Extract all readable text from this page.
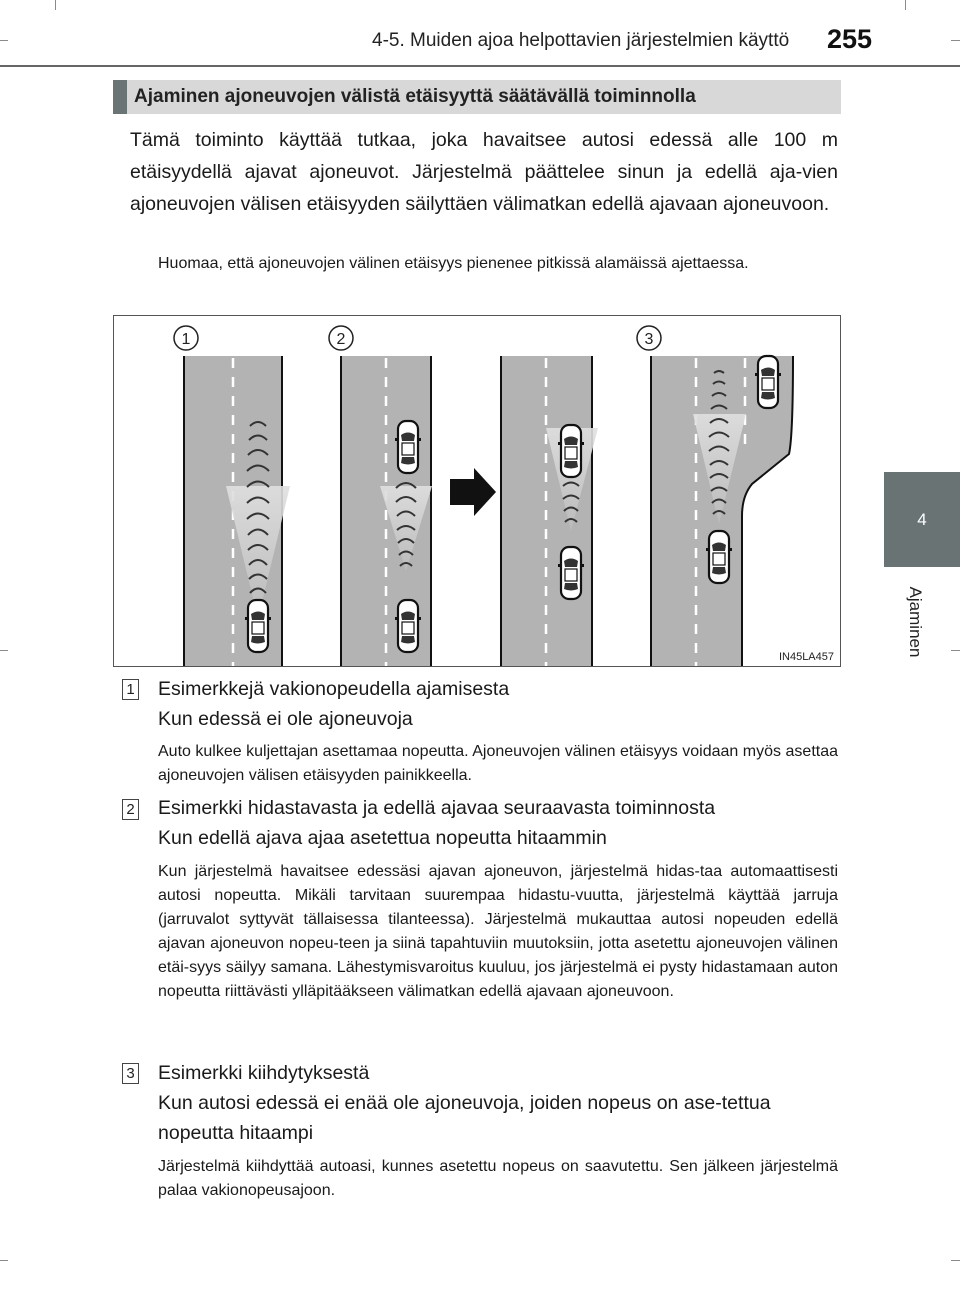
4-5. Muiden ajoa helpottavien järjestelmien käyttö 255
4
Ajaminen
Ajaminen ajoneuvojen välistä etäisyyttä säätävällä toiminnolla
Tämä toiminto käyttää tutkaa, joka havaitsee autosi edessä alle 100 m etäisyydellä ajavat ajoneuvot. Järjestelmä päättelee sinun ja edellä aja-vien ajoneuvojen välisen etäisyyden säilyttäen välimatkan edellä ajavaan ajoneuvoon.
Huomaa, että ajoneuvojen välinen etäisyys pienenee pitkissä alamäissä ajettaessa.
1	2	3
IN45LA457
1 Esimerkkejä vakionopeudella ajamisesta
Kun edessä ei ole ajoneuvoja
Auto kulkee kuljettajan asettamaa nopeutta. Ajoneuvojen välinen etäisyys voidaan myös asettaa ajoneuvojen välisen etäisyyden painikkeella.
2 Esimerkki hidastavasta ja edellä ajavaa seuraavasta toiminnosta
Kun edellä ajava ajaa asetettua nopeutta hitaammin
Kun järjestelmä havaitsee edessäsi ajavan ajoneuvon, järjestelmä hidas-taa automaattisesti autosi nopeutta. Mikäli tarvitaan suurempaa hidastu-vuutta, järjestelmä käyttää jarruja (jarruvalot syttyvät tällaisessa tilanteessa). Järjestelmä mukauttaa autosi nopeuden edellä ajavan ajoneuvon nopeu-teen ja siinä tapahtuviin muutoksiin, jotta asetettu ajoneuvojen välinen etäi-syys säilyy samana. Lähestymisvaroitus kuuluu, jos järjestelmä ei pysty hidastamaan auton nopeutta riittävästi ylläpitääkseen välimatkan edellä ajavaan ajoneuvoon.
3 Esimerkki kiihdytyksestä
Kun autosi edessä ei enää ole ajoneuvoja, joiden nopeus on ase-tettua nopeutta hitaampi
Järjestelmä kiihdyttää autoasi, kunnes asetettu nopeus on saavutettu. Sen jälkeen järjestelmä palaa vakionopeusajoon.
